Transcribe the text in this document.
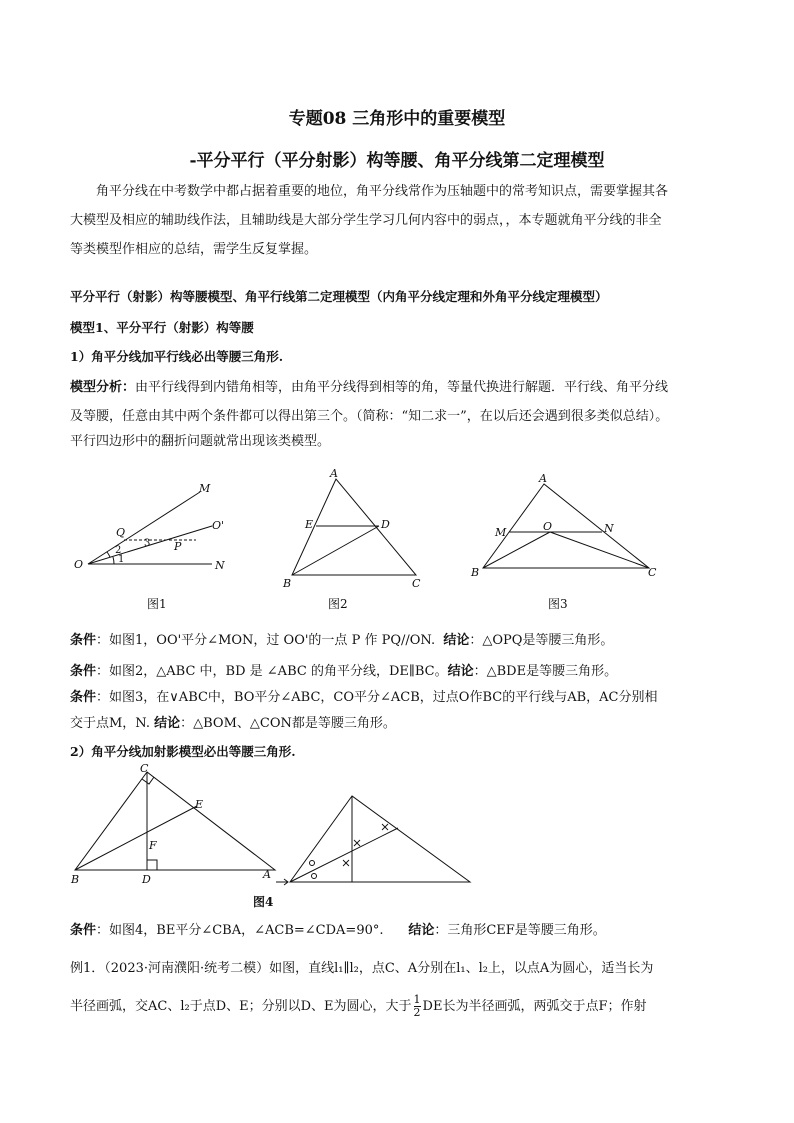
专题08 三角形中的重要模型
-平分平行（平分射影）构等腰、角平分线第二定理模型
角平分线在中考数学中都占据着重要的地位，角平分线常作为压轴题中的常考知识点，需要掌握其各
大模型及相应的辅助线作法，且辅助线是大部分学生学习几何内容中的弱点，，本专题就角平分线的非全
等类模型作相应的总结，需学生反复掌握。
平分平行（射影）构等腰模型、角平行线第二定理模型（内角平分线定理和外角平分线定理模型）
模型1、平分平行（射影）构等腰
1）角平分线加平行线必出等腰三角形.
模型分析：由平行线得到内错角相等，由角平分线得到相等的角，等量代换进行解题．平行线、角平分线
及等腰，任意由其中两个条件都可以得出第三个。（简称：“知二求一”，在以后还会遇到很多类似总结）。
平行四边形中的翻折问题就常出现该类模型。
M
Q
O'
2
3 P
O	1	N
图1
A
E	D
B	C
图2
A
M	O	N
B	C
图3
条件：如图1，OO'平分∠MON，过 OO'的一点 P 作 PQ//ON. 结论：△OPQ是等腰三角形。
条件：如图2，△ABC 中，BD 是 ∠ABC 的角平分线，DE∥BC。结论：△BDE是等腰三角形。
条件：如图3，在∨ABC中，BO平分∠ABC，CO平分∠ACB，过点O作BC的平行线与AB，AC分别相
交于点M，N. 结论：△BOM、△CON都是等腰三角形。
2）角平分线加射影模型必出等腰三角形.
C
E
F
B	D	A
图4
条件：如图4，BE平分∠CBA，∠ACB=∠CDA=90°. 结论：三角形CEF是等腰三角形。
例1．（2023·河南濮阳·统考二模）如图，直线l₁∥l₂，点C、A分别在l₁、l₂上，以点A为圆心，适当长为
半径画弧，交AC、l₂于点D、E；分别以D、E为圆心，大于 $\frac{1}{2}$ DE长为半径画弧，两弧交于点F；作射
